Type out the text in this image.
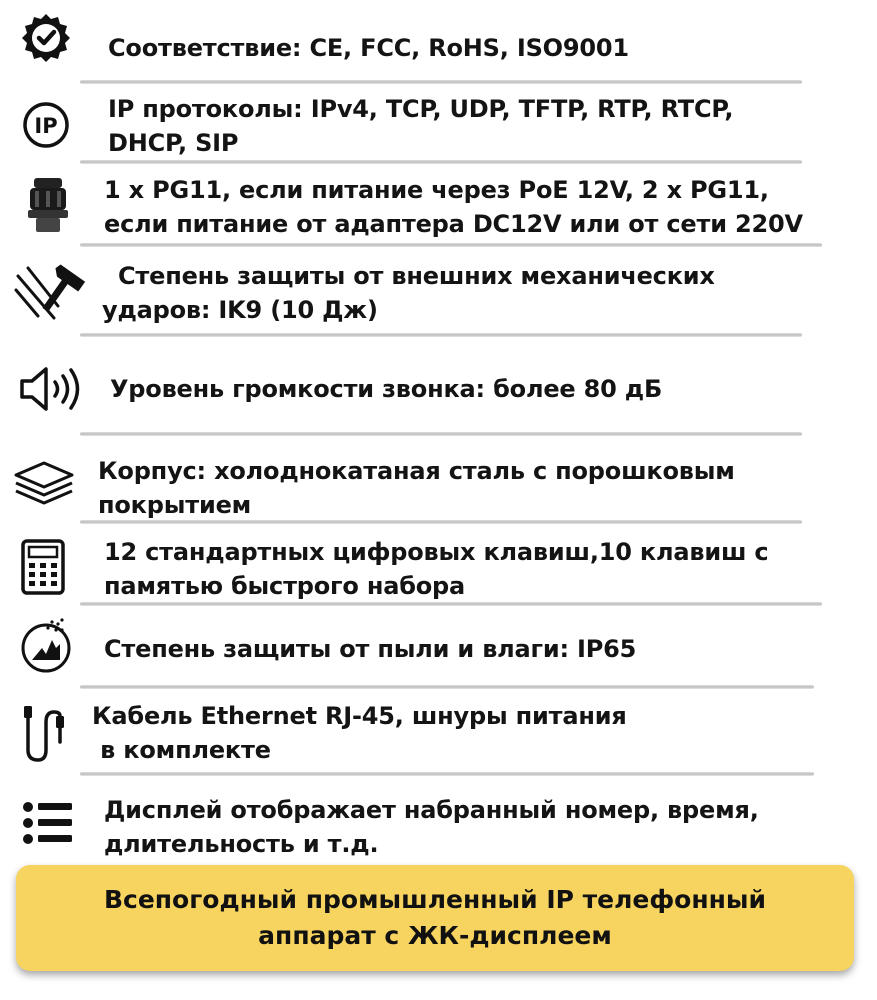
Соответствие: CE, FCC, RoHS, ISO9001
IP
IP протоколы: IPv4, TCP, UDP, TFTP, RTP, RTCP,
DHCP, SIP
1 x PG11, если питание через PoE 12V, 2 x PG11,
если питание от адаптера DC12V или от сети 220V
Степень защиты от внешних механических
ударов: IK9 (10 Дж)
Уровень громкости звонка: более 80 дБ
Корпус: холоднокатаная сталь с порошковым
покрытием
12 стандартных цифровых клавиш,10 клавиш с
памятью быстрого набора
Степень защиты от пыли и влаги: IP65
Кабель Ethernet RJ-45, шнуры питания
в комплекте
Дисплей отображает набранный номер, время,
длительность и т.д.
Всепогодный промышленный IP телефонный
аппарат с ЖК-дисплеем
